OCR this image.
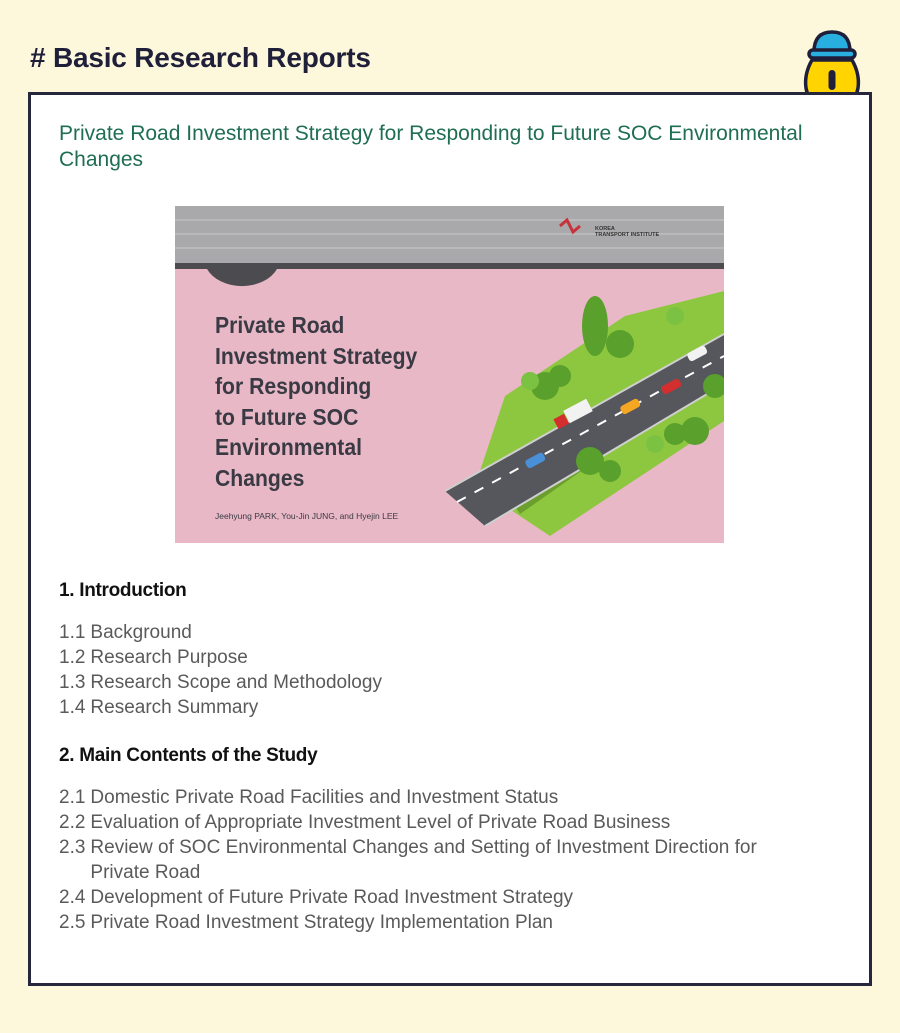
# Basic Research Reports
Private Road Investment Strategy for Responding to Future SOC Environmental Changes
KOREA
TRANSPORT INSTITUTE
Private Road
Investment Strategy
for Responding
to Future SOC
Environmental
Changes
Jeehyung PARK, You-Jin JUNG, and Hyejin LEE
1. Introduction
1.1 Background
1.2 Research Purpose
1.3 Research Scope and Methodology
1.4 Research Summary
2. Main Contents of the Study
2.1 Domestic Private Road Facilities and Investment Status
2.2 Evaluation of Appropriate Investment Level of Private Road Business
2.3 Review of SOC Environmental Changes and Setting of Investment Direction for Private Road
2.4 Development of Future Private Road Investment Strategy
2.5 Private Road Investment Strategy Implementation Plan
